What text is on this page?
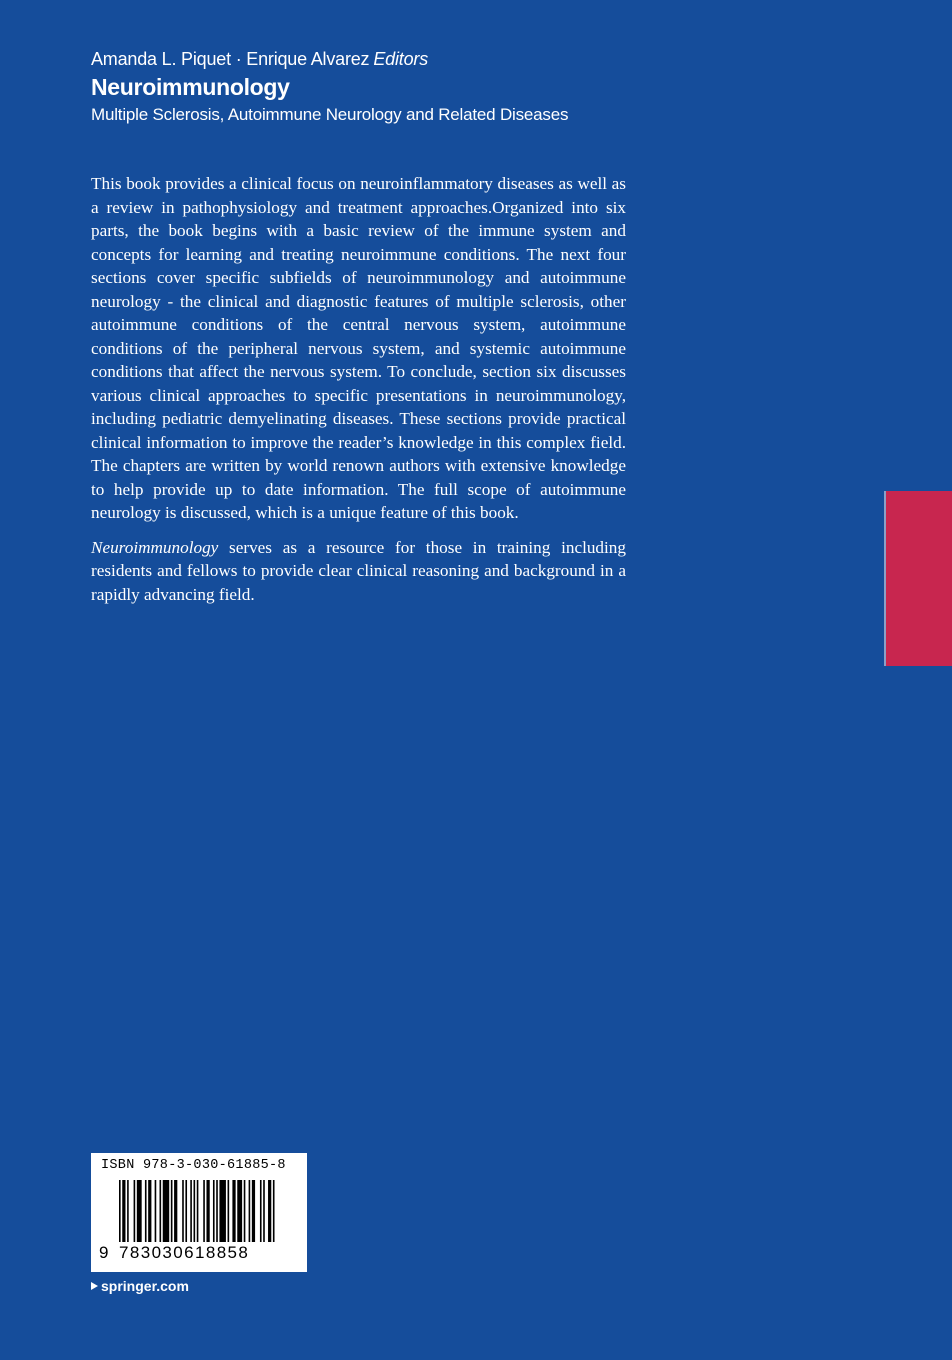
Amanda L. Piquet · Enrique Alvarez Editors
Neuroimmunology
Multiple Sclerosis, Autoimmune Neurology and Related Diseases

This book provides a clinical focus on neuroinflammatory diseases as well as a review in pathophysiology and treatment approaches.Organized into six parts, the book begins with a basic review of the immune system and concepts for learning and treating neuroimmune conditions. The next four sections cover specific subfields of neuroimmunology and autoimmune neurology - the clinical and diagnostic features of multiple sclerosis, other autoimmune conditions of the central nervous system, autoimmune conditions of the peripheral nervous system, and systemic autoimmune conditions that affect the nervous system. To conclude, section six discusses various clinical approaches to specific presentations in neuroimmunology, including pediatric demyelinating diseases. These sections provide practical clinical information to improve the reader’s knowledge in this complex field. The chapters are written by world renown authors with extensive knowledge to help provide up to date information. The full scope of autoimmune neurology is discussed, which is a unique feature of this book.

Neuroimmunology serves as a resource for those in training including residents and fellows to provide clear clinical reasoning and background in a rapidly advancing field.

ISBN 978-3-030-61885-8
9 783030618858
springer.com
